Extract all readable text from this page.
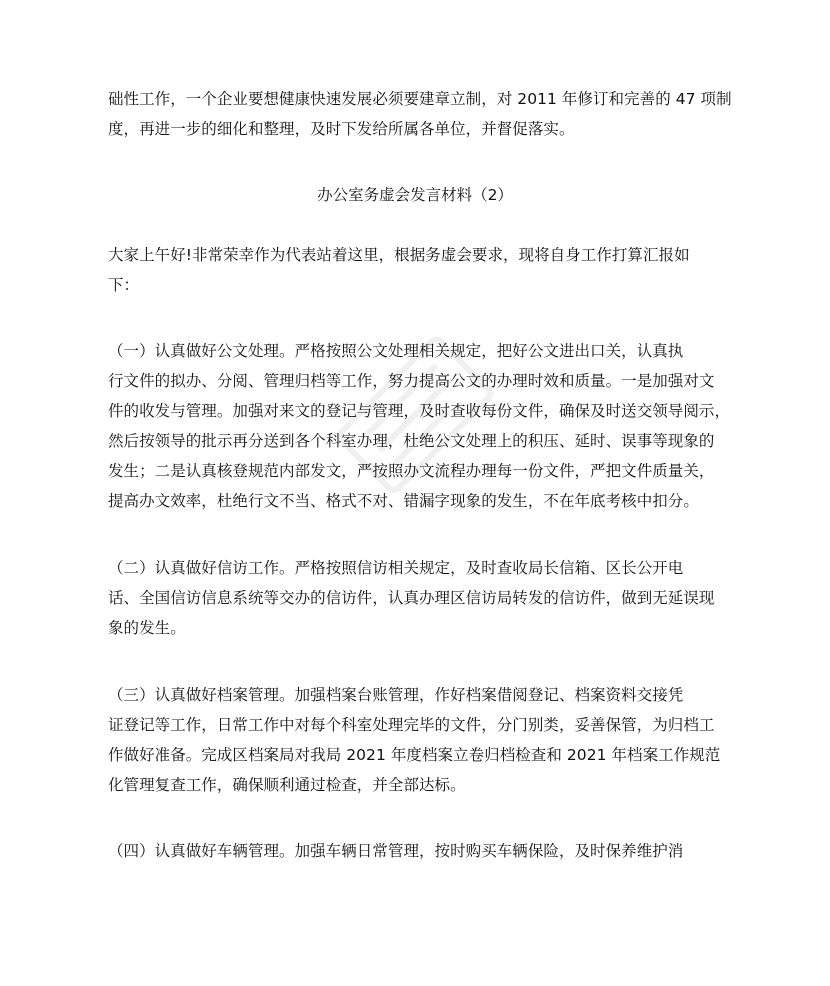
础性工作，一个企业要想健康快速发展必须要建章立制，对 2011 年修订和完善的 47 项制
度，再进一步的细化和整理，及时下发给所属各单位，并督促落实。
办公室务虚会发言材料（2）
大家上午好!非常荣幸作为代表站着这里，根据务虚会要求，现将自身工作打算汇报如
下：
（一）认真做好公文处理。严格按照公文处理相关规定，把好公文进出口关，认真执
行文件的拟办、分阅、管理归档等工作，努力提高公文的办理时效和质量。一是加强对文
件的收发与管理。加强对来文的登记与管理，及时查收每份文件，确保及时送交领导阅示，
然后按领导的批示再分送到各个科室办理，杜绝公文处理上的积压、延时、误事等现象的
发生；二是认真核登规范内部发文，严按照办文流程办理每一份文件，严把文件质量关，
提高办文效率，杜绝行文不当、格式不对、错漏字现象的发生，不在年底考核中扣分。
（二）认真做好信访工作。严格按照信访相关规定，及时查收局长信箱、区长公开电
话、全国信访信息系统等交办的信访件，认真办理区信访局转发的信访件，做到无延误现
象的发生。
（三）认真做好档案管理。加强档案台账管理，作好档案借阅登记、档案资料交接凭
证登记等工作，日常工作中对每个科室处理完毕的文件，分门别类，妥善保管，为归档工
作做好准备。完成区档案局对我局 2021 年度档案立卷归档检查和 2021 年档案工作规范
化管理复查工作，确保顺利通过检查，并全部达标。
（四）认真做好车辆管理。加强车辆日常管理，按时购买车辆保险，及时保养维护消
